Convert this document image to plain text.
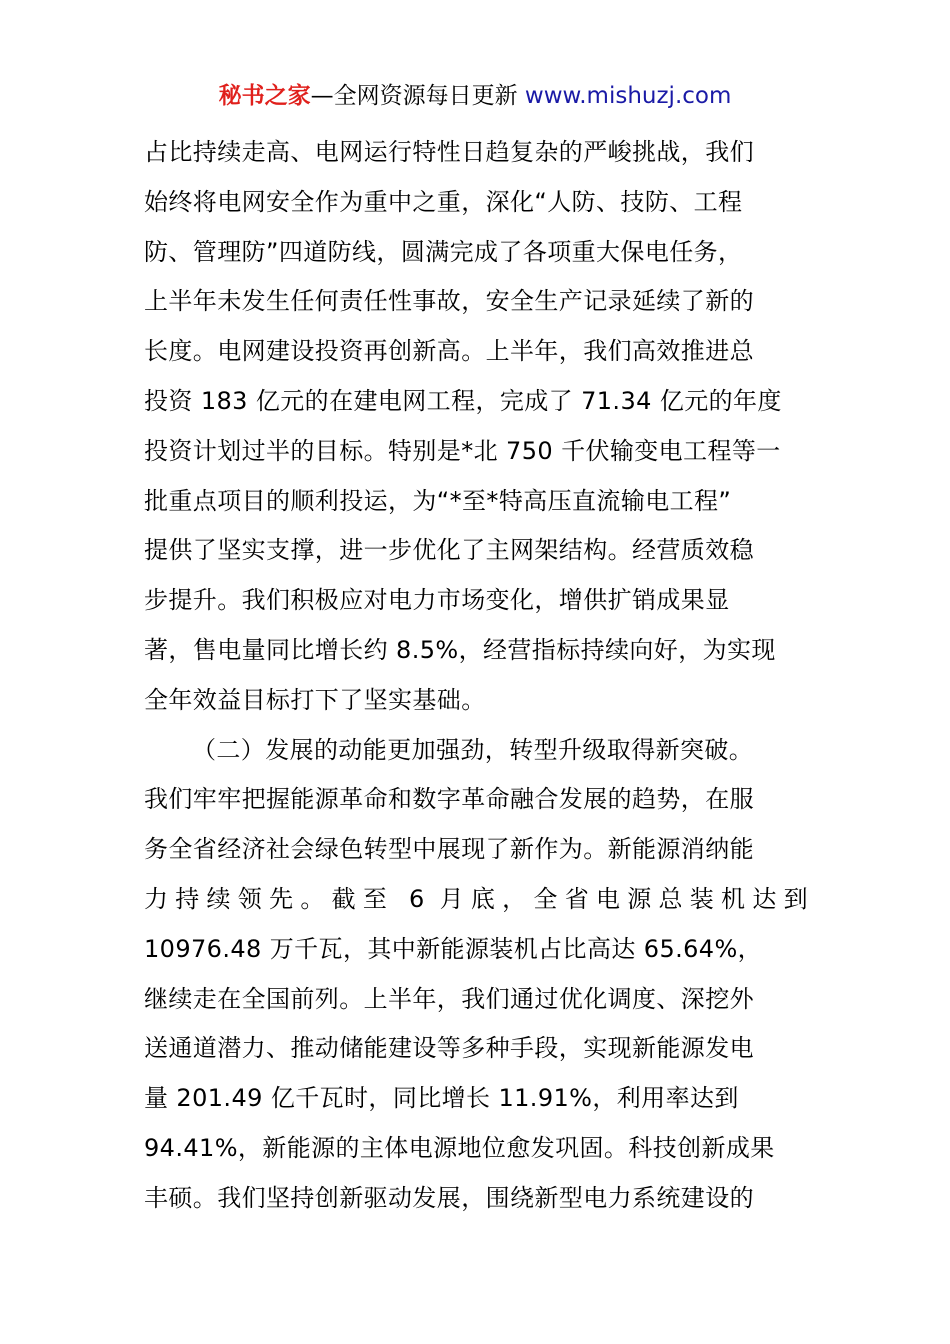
秘书之家—全网资源每日更新 www.mishuzj.com
占比持续走高、电网运行特性日趋复杂的严峻挑战，我们
始终将电网安全作为重中之重，深化“人防、技防、工程
防、管理防”四道防线，圆满完成了各项重大保电任务，
上半年未发生任何责任性事故，安全生产记录延续了新的
长度。电网建设投资再创新高。上半年，我们高效推进总
投资 183 亿元的在建电网工程，完成了 71.34 亿元的年度
投资计划过半的目标。特别是*北 750 千伏输变电工程等一
批重点项目的顺利投运，为“*至*特高压直流输电工程”
提供了坚实支撑，进一步优化了主网架结构。经营质效稳
步提升。我们积极应对电力市场变化，增供扩销成果显
著，售电量同比增长约 8.5%，经营指标持续向好，为实现
全年效益目标打下了坚实基础。
（二）发展的动能更加强劲，转型升级取得新突破。
我们牢牢把握能源革命和数字革命融合发展的趋势，在服
务全省经济社会绿色转型中展现了新作为。新能源消纳能
力持续领先。截至 6 月底，全省电源总装机达到
10976.48 万千瓦，其中新能源装机占比高达 65.64%，
继续走在全国前列。上半年，我们通过优化调度、深挖外
送通道潜力、推动储能建设等多种手段，实现新能源发电
量 201.49 亿千瓦时，同比增长 11.91%，利用率达到
94.41%，新能源的主体电源地位愈发巩固。科技创新成果
丰硕。我们坚持创新驱动发展，围绕新型电力系统建设的
